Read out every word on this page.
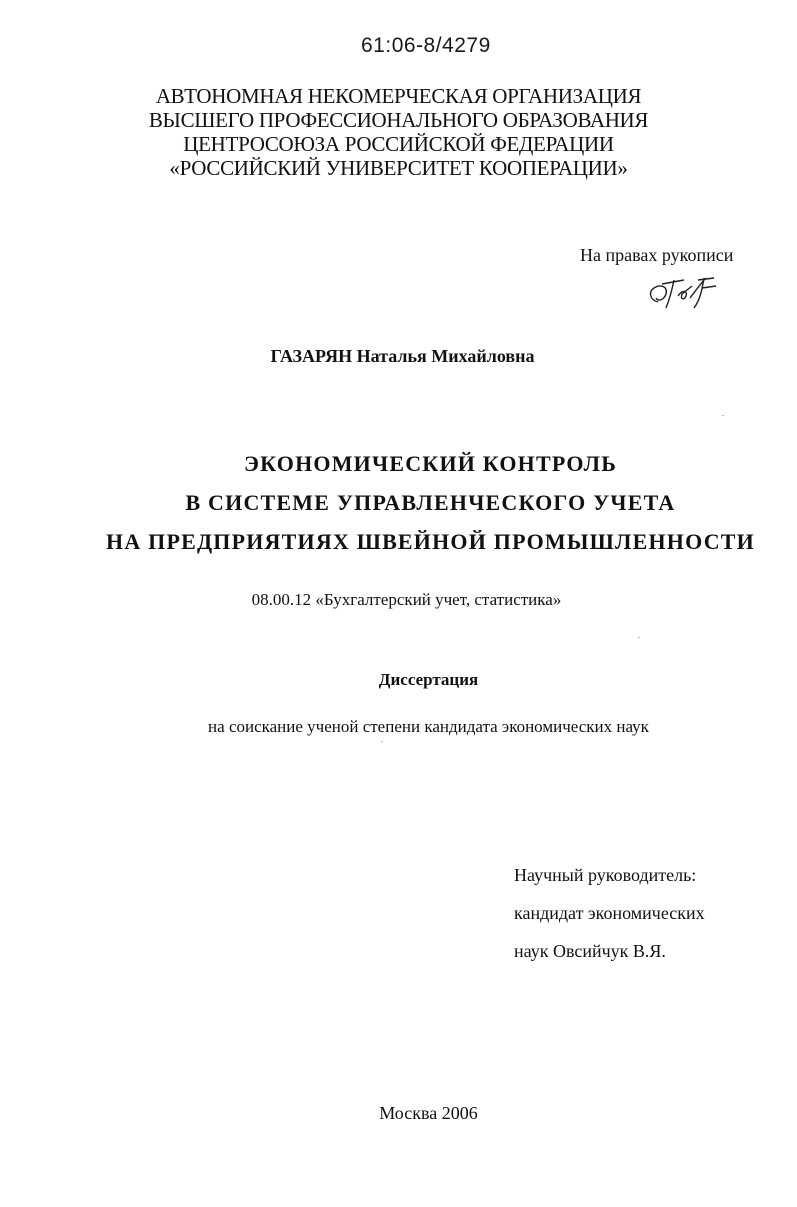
61:06-8/4279
АВТОНОМНАЯ НЕКОМЕРЧЕСКАЯ ОРГАНИЗАЦИЯ
ВЫСШЕГО ПРОФЕССИОНАЛЬНОГО ОБРАЗОВАНИЯ
ЦЕНТРОСОЮЗА РОССИЙСКОЙ ФЕДЕРАЦИИ
«РОССИЙСКИЙ УНИВЕРСИТЕТ КООПЕРАЦИИ»
На правах рукописи
ГАЗАРЯН Наталья Михайловна
ЭКОНОМИЧЕСКИЙ КОНТРОЛЬ
В СИСТЕМЕ УПРАВЛЕНЧЕСКОГО УЧЕТА
НА ПРЕДПРИЯТИЯХ ШВЕЙНОЙ ПРОМЫШЛЕННОСТИ
08.00.12 «Бухгалтерский учет, статистика»
Диссертация
на соискание ученой степени кандидата экономических наук
Научный руководитель:
кандидат экономических
наук Овсийчук В.Я.
Москва 2006
